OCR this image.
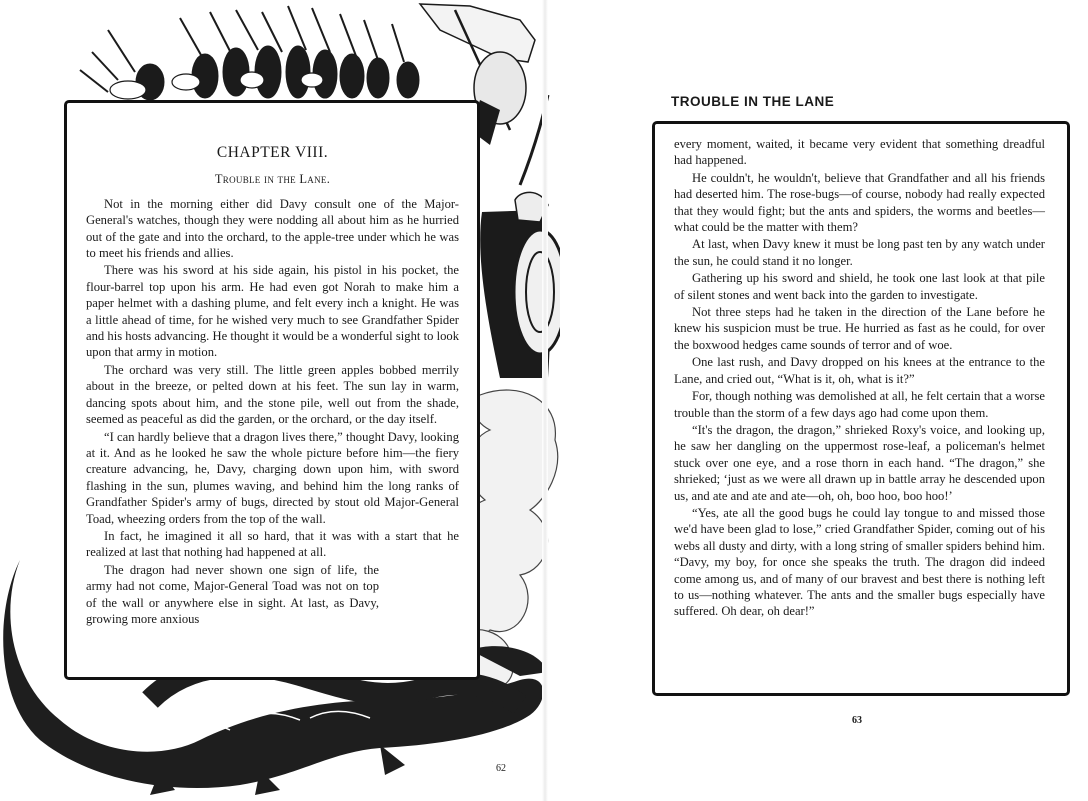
CHAPTER VIII.
Trouble in the Lane.

Not in the morning either did Davy consult one of the Major-General's watches, though they were nodding all about him as he hurried out of the gate and into the orchard, to the apple-tree under which he was to meet his friends and allies.

There was his sword at his side again, his pistol in his pocket, the flour-barrel top upon his arm. He had even got Norah to make him a paper helmet with a dashing plume, and felt every inch a knight. He was a little ahead of time, for he wished very much to see Grandfather Spider and his hosts advancing. He thought it would be a wonderful sight to look upon that army in motion.

The orchard was very still. The little green apples bobbed merrily about in the breeze, or pelted down at his feet. The sun lay in warm, dancing spots about him, and the stone pile, well out from the shade, seemed as peaceful as did the garden, or the orchard, or the day itself.

“I can hardly believe that a dragon lives there,” thought Davy, looking at it. And as he looked he saw the whole picture before him—the fiery creature advancing, he, Davy, charging down upon him, with sword flashing in the sun, plumes waving, and behind him the long ranks of Grandfather Spider's army of bugs, directed by stout old Major-General Toad, wheezing orders from the top of the wall.

In fact, he imagined it all so hard, that it was with a start that he realized at last that nothing had happened at all.

The dragon had never shown one sign of life, the army had not come, Major-General Toad was not on top of the wall or anywhere else in sight. At last, as Davy, growing more anxious

62
TROUBLE IN THE LANE

every moment, waited, it became very evident that something dreadful had happened.

He couldn't, he wouldn't, believe that Grandfather and all his friends had deserted him. The rose-bugs—of course, nobody had really expected that they would fight; but the ants and spiders, the worms and beetles—what could be the matter with them?

At last, when Davy knew it must be long past ten by any watch under the sun, he could stand it no longer.

Gathering up his sword and shield, he took one last look at that pile of silent stones and went back into the garden to investigate.

Not three steps had he taken in the direction of the Lane before he knew his suspicion must be true. He hurried as fast as he could, for over the boxwood hedges came sounds of terror and of woe.

One last rush, and Davy dropped on his knees at the entrance to the Lane, and cried out, “What is it, oh, what is it?”

For, though nothing was demolished at all, he felt certain that a worse trouble than the storm of a few days ago had come upon them.

“It's the dragon, the dragon,” shrieked Roxy's voice, and looking up, he saw her dangling on the uppermost rose-leaf, a policeman's helmet stuck over one eye, and a rose thorn in each hand. “The dragon,” she shrieked; ‘just as we were all drawn up in battle array he descended upon us, and ate and ate and ate—oh, oh, boo hoo, boo hoo!’

“Yes, ate all the good bugs he could lay tongue to and missed those we'd have been glad to lose,” cried Grandfather Spider, coming out of his webs all dusty and dirty, with a long string of smaller spiders behind him. “Davy, my boy, for once she speaks the truth. The dragon did indeed come among us, and of many of our bravest and best there is nothing left to us—nothing whatever. The ants and the smaller bugs especially have suffered. Oh dear, oh dear!”

63
